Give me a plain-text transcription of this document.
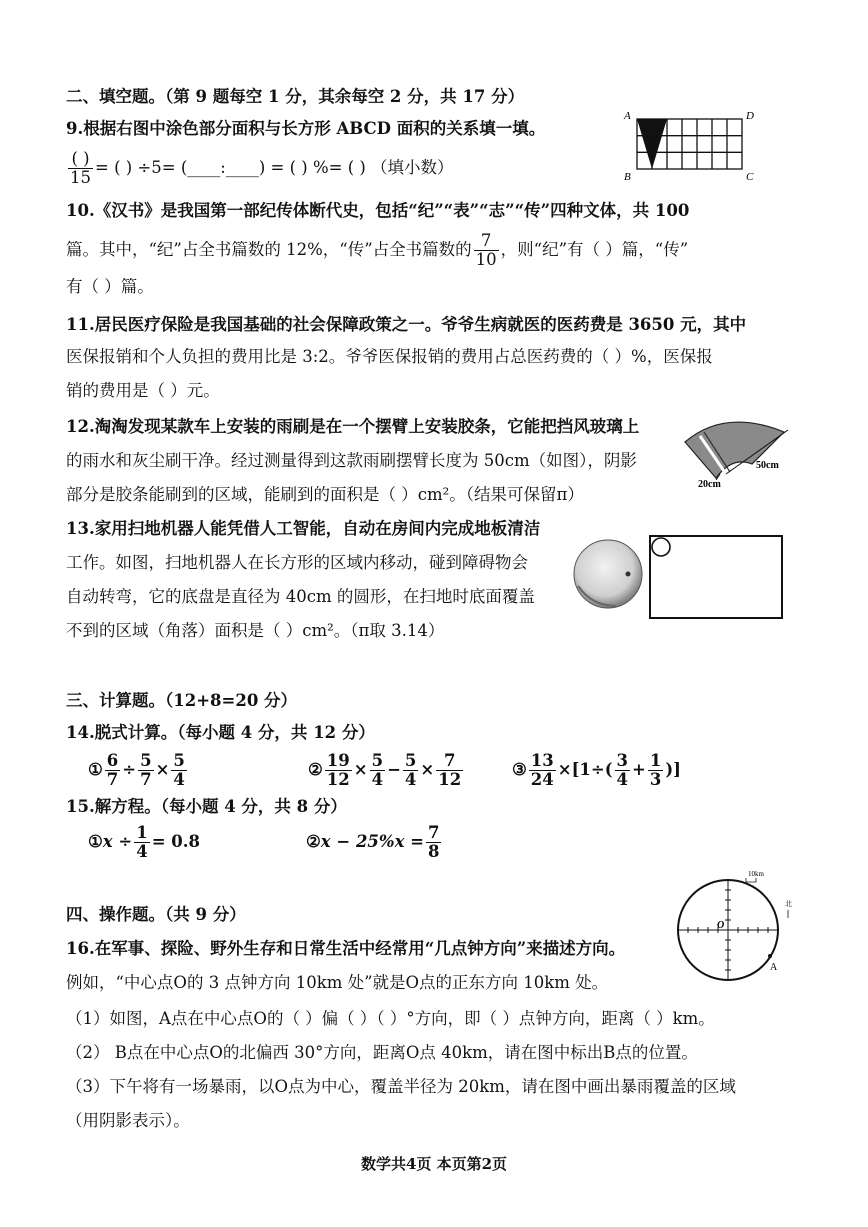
二、填空题。（第 9 题每空 1 分，其余每空 2 分，共 17 分）
9.根据右图中涂色部分面积与长方形 ABCD 面积的关系填一填。
$\frac{( )}{15}$ = ( ) ÷5= (____:____) = ( ) %= ( ) （填小数）
A	D
B	C
10.《汉书》是我国第一部纪传体断代史，包括“纪”“表”“志”“传”四种文体，共 100
篇。其中，“纪”占全书篇数的 12%，“传”占全书篇数的 $\frac{7}{10}$ ，则“纪”有（ ）篇，“传”
有（ ）篇。
11.居民医疗保险是我国基础的社会保障政策之一。爷爷生病就医的医药费是 3650 元，其中
医保报销和个人负担的费用比是 3:2。爷爷医保报销的费用占总医药费的（ ）%，医保报
销的费用是（ ）元。
12.淘淘发现某款车上安装的雨刷是在一个摆臂上安装胶条，它能把挡风玻璃上
的雨水和灰尘刷干净。经过测量得到这款雨刷摆臂长度为 50cm（如图），阴影
部分是胶条能刷到的区域，能刷到的面积是（ ）cm²。（结果可保留π）
50cm
20cm
13.家用扫地机器人能凭借人工智能，自动在房间内完成地板清洁
工作。如图，扫地机器人在长方形的区域内移动，碰到障碍物会
自动转弯，它的底盘是直径为 40cm 的圆形，在扫地时底面覆盖
不到的区域（角落）面积是（ ）cm²。（π取 3.14）
三、计算题。（12+8=20 分）
14.脱式计算。（每小题 4 分，共 12 分）
① $\frac{6}{7} \div \frac{5}{7} \times \frac{5}{4}$	② $\frac{19}{12} \times \frac{5}{4} - \frac{5}{4} \times \frac{7}{12}$	③ $\frac{13}{24} \times[1\div( \frac{3}{4} + \frac{1}{3}$ )]
15.解方程。（每小题 4 分，共 8 分）
①x ÷ $\frac{1}{4} = 0.8$	②x − $25\%x = \frac{7}{8}$
四、操作题。（共 9 分）
16.在军事、探险、野外生存和日常生活中经常用“几点钟方向”来描述方向。
例如，“中心点O的 3 点钟方向 10km 处”就是O点的正东方向 10km 处。
（1）如图，A点在中心点O的（ ）偏（ ）（ ）°方向，即（ ）点钟方向，距离（ ）km。
（2） B点在中心点O的北偏西 30°方向，距离O点 40km，请在图中标出B点的位置。
（3）下午将有一场暴雨，以O点为中心，覆盖半径为 20km，请在图中画出暴雨覆盖的区域
（用阴影表示）。
10km
北
O
A
数学共4页 本页第2页
